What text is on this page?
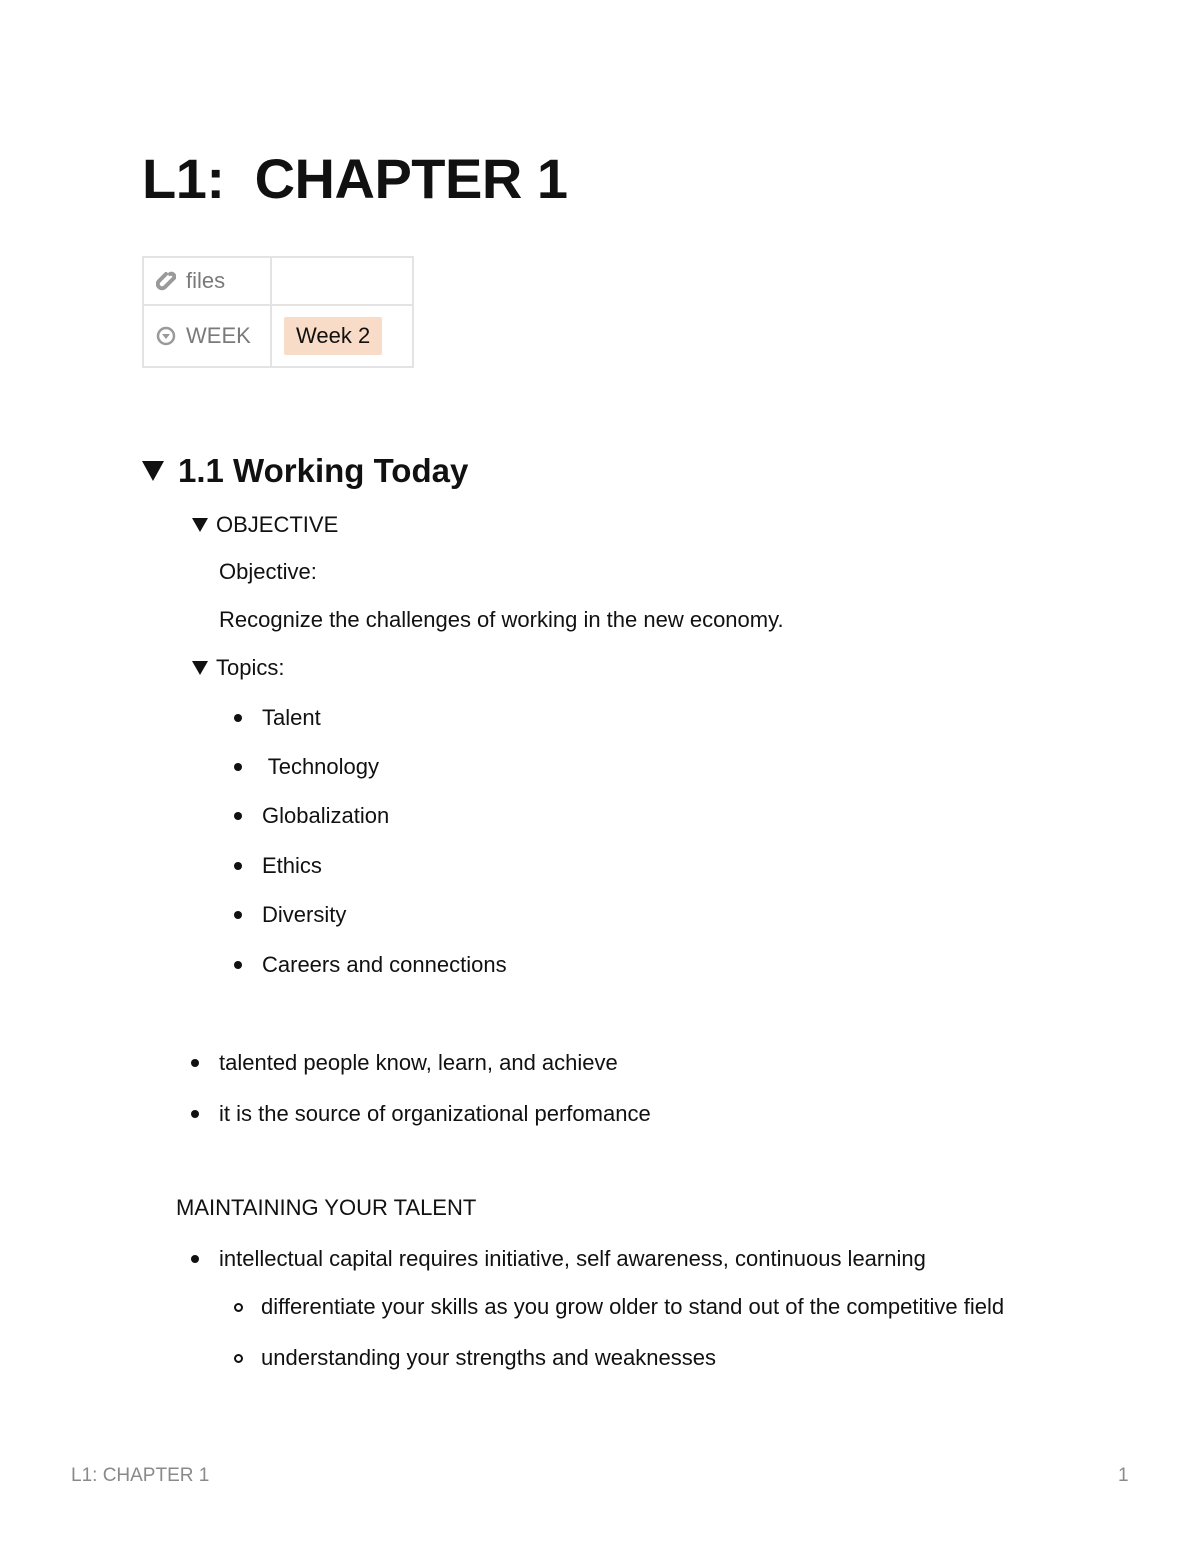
L1:  CHAPTER 1
files	
WEEK	Week 2
1.1 Working Today
OBJECTIVE
Objective:
Recognize the challenges of working in the new economy.
Topics:
Talent
Technology
Globalization
Ethics
Diversity
Careers and connections
talented people know, learn, and achieve
it is the source of organizational perfomance
MAINTAINING YOUR TALENT
intellectual capital requires initiative, self awareness, continuous learning
differentiate your skills as you grow older to stand out of the competitive field
understanding your strengths and weaknesses
L1: CHAPTER 1	1
